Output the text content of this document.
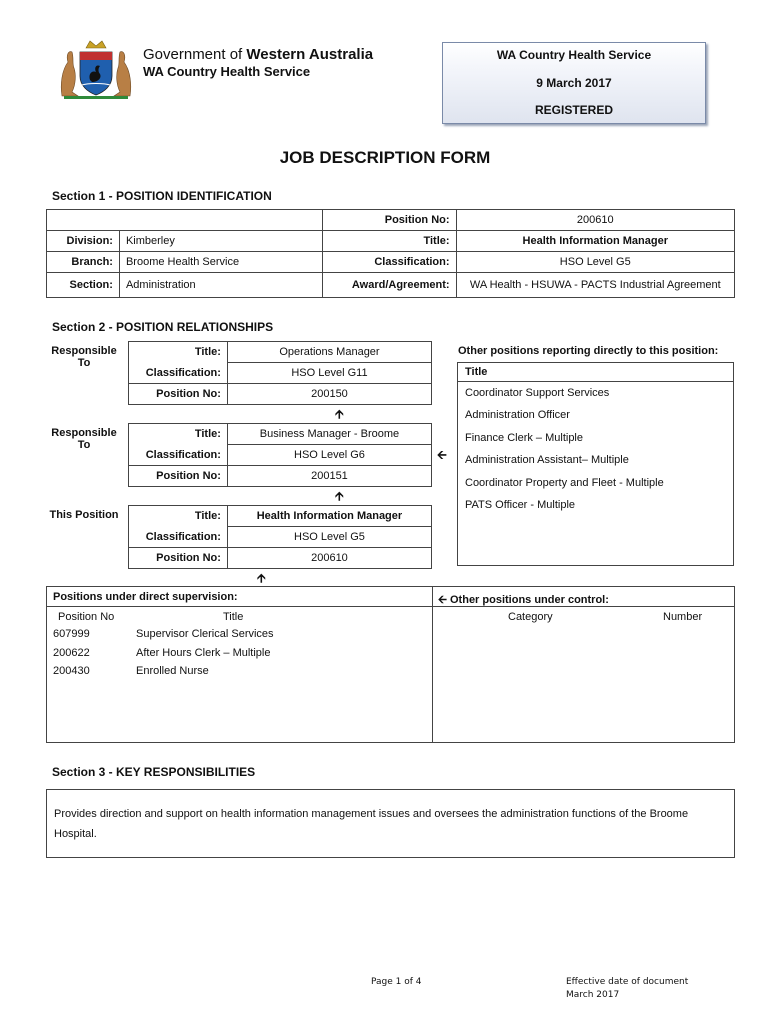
Government of Western Australia
WA Country Health Service
WA Country Health Service
9 March 2017
REGISTERED
JOB DESCRIPTION FORM
Section 1 - POSITION IDENTIFICATION
		Position No:	200610
Division:	Kimberley	Title:	Health Information Manager
Branch:	Broome Health Service	Classification:	HSO Level G5
Section:	Administration	Award/Agreement:	WA Health - HSUWA - PACTS Industrial Agreement
Section 2 - POSITION RELATIONSHIPS
Responsible To
Title:	Operations Manager
Classification:	HSO Level G11
Position No:	200150
🡩
Responsible To
Title:	Business Manager - Broome
Classification:	HSO Level G6
Position No:	200151
🡨
🡩
This Position	Title:	Health Information Manager
Classification:	HSO Level G5
Position No:	200610
🡩
Other positions reporting directly to this position:
Title
Coordinator Support Services
Administration Officer
Finance Clerk – Multiple
Administration Assistant– Multiple
Coordinator Property and Fleet - Multiple
PATS Officer - Multiple
Positions under direct supervision:	🡨 Other positions under control:
Position No	Title	Category	Number
607999	Supervisor Clerical Services
200622	After Hours Clerk – Multiple
200430	Enrolled Nurse
Section 3 - KEY RESPONSIBILITIES
Provides direction and support on health information management issues and oversees the administration functions of the Broome Hospital.
Page 1 of 4	Effective date of document
March 2017
